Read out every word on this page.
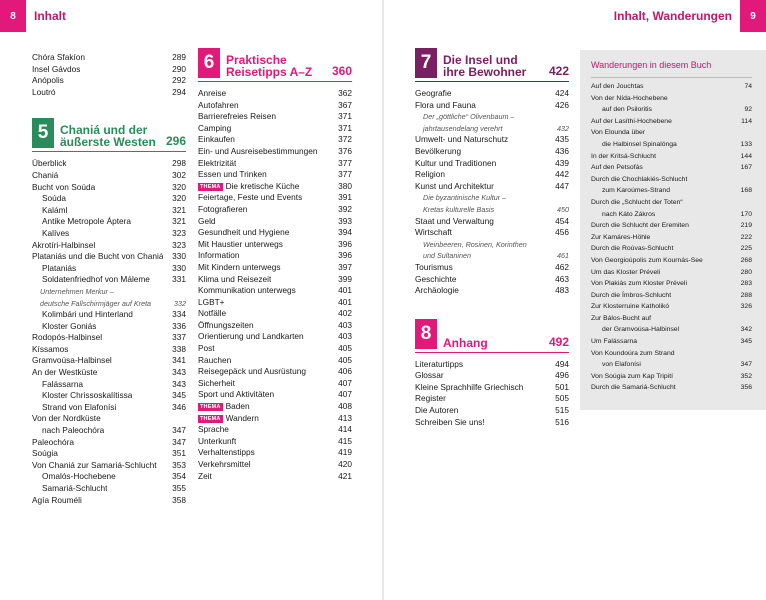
8	Inhalt	Inhalt, Wanderungen	9
Chóra Sfakíon	289
Insel Gávdos	290
Anópolis	292
Loutró	294
5 Chaniá und der
äußerste Westen 296
Überblick	298
Chaniá	302
Bucht von Soúda	320
Soúda	320
Kaláml	321
Antike Metropole Áptera	321
Kalíves	323
Akrotíri-Halbinsel	323
Plataniás und die Bucht von Chaniá	330
Plataniás	330
Soldatenfriedhof von Máleme	331
Unternehmen Merkur –
deutsche Fallschirmjäger auf Kreta	332
Kolimbári und Hinterland	334
Kloster Goniás	336
Rodopós-Halbinsel	337
Kíssamos	338
Gramvoúsa-Halbinsel	341
An der Westküste	343
Falássarna	343
Kloster Chrissoskalítissa	345
Strand von Elafonísi	346
Von der Nordküste
nach Paleochóra	347
Paleochóra	347
Soúgia	351
Von Chaniá zur Samariá-Schlucht	353
Omalós-Hochebene	354
Samariá-Schlucht	355
Agía Rouméli	358
6 Praktische
Reisetipps A–Z	360
Anreise	362
Autofahren	367
Barrierefreies Reisen	371
Camping	371
Einkaufen	372
Ein- und Ausreisebestimmungen	376
Elektrizität	377
Essen und Trinken	377
THEMA Die kretische Küche	380
Feiertage, Feste und Events	391
Fotografieren	392
Geld	393
Gesundheit und Hygiene	394
Mit Haustier unterwegs	396
Information	396
Mit Kindern unterwegs	397
Klima und Reisezeit	399
Kommunikation unterwegs	401
LGBT+	401
Notfälle	402
Öffnungszeiten	403
Orientierung und Landkarten	403
Post	405
Rauchen	405
Reisegepäck und Ausrüstung	406
Sicherheit	407
Sport und Aktivitäten	407
THEMA Baden	408
THEMA Wandern	413
Sprache	414
Unterkunft	415
Verhaltenstipps	419
Verkehrsmittel	420
Zeit	421
7 Die Insel und
ihre Bewohner	422
Geografie	424
Flora und Fauna	426
Der „göttliche“ Olivenbaum –
jahrtausendelang verehrt	432
Umwelt- und Naturschutz	435
Bevölkerung	436
Kultur und Traditionen	439
Religion	442
Kunst und Architektur	447
Die byzantinische Kultur –
Kretas kulturelle Basis	450
Staat und Verwaltung	454
Wirtschaft	456
Weinbeeren, Rosinen, Korinthen
und Sultaninen	461
Tourismus	462
Geschichte	463
Archäologie	483
8 Anhang	492
Literaturtipps	494
Glossar	496
Kleine Sprachhilfe Griechisch	501
Register	505
Die Autoren	515
Schreiben Sie uns!	516
Wanderungen in diesem Buch
Auf den Jouchtas	74
Von der Nída-Hochebene
auf den Psiloritis	92
Auf der Lasíthi-Hochebene	114
Von Elounda über
die Halbinsel Spinalónga	133
In der Kritsá-Schlucht	144
Auf den Petsofás	167
Durch die Chochlakiés-Schlucht
zum Karoúmes-Strand	168
Durch die „Schlucht der Toten“
nach Káto Zákros	170
Durch die Schlucht der Eremiten	219
Zur Kamáres-Höhle	222
Durch die Roúvas-Schlucht	225
Von Georgioúpolis zum Kournás-See	268
Um das Kloster Préveli	280
Von Plakiás zum Kloster Préveli	283
Durch die Ímbros-Schlucht	288
Zur Klosterruine Katholikó	326
Zur Bálos-Bucht auf
der Gramvoúsa-Halbinsel	342
Um Falássarna	345
Von Koundoúra zum Strand
von Elafonísi	347
Von Soúgia zum Kap Tripití	352
Durch die Samariá-Schlucht	356
